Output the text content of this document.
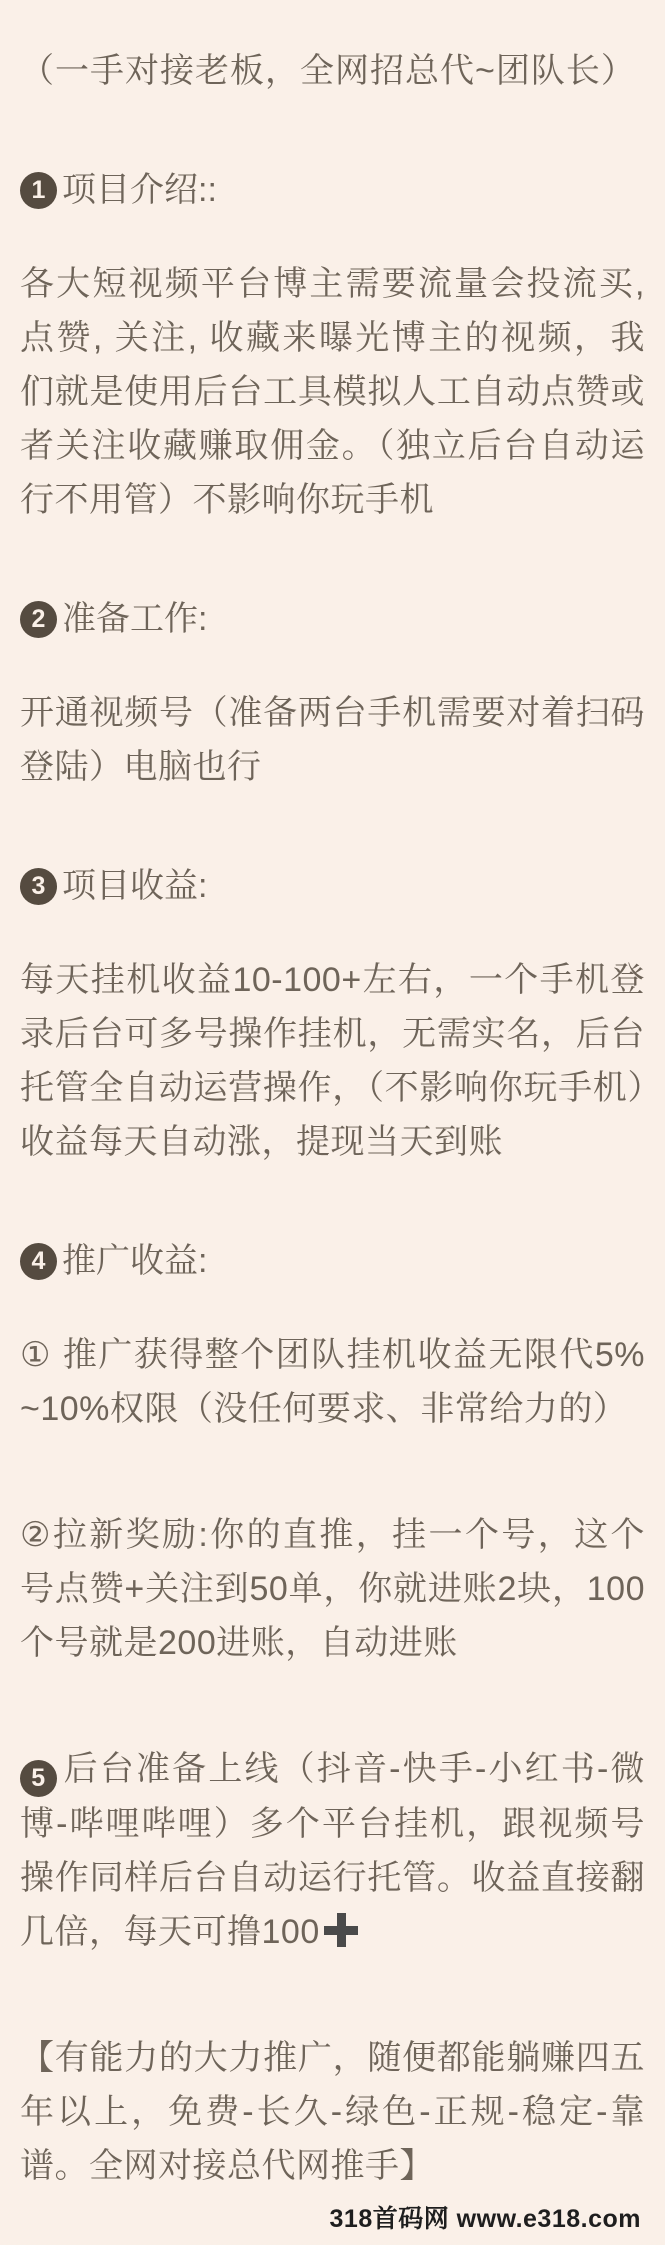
（一手对接老板，全网招总代~团队长）

1 项目介绍::

各大短视频平台博主需要流量会投流买,点赞, 关注, 收藏来曝光博主的视频，我们就是使用后台工具模拟人工自动点赞或者关注收藏赚取佣金。（独立后台自动运行不用管）不影响你玩手机

2 准备工作:

开通视频号（准备两台手机需要对着扫码登陆）电脑也行

3 项目收益:

每天挂机收益10-100+左右，一个手机登录后台可多号操作挂机，无需实名，后台托管全自动运营操作，（不影响你玩手机）收益每天自动涨，提现当天到账

4 推广收益:

① 推广获得整个团队挂机收益无限代5%~10%权限（没任何要求、非常给力的）

②拉新奖励:你的直推，挂一个号，这个号点赞+关注到50单，你就进账2块，100个号就是200进账，自动进账

5 后台准备上线（抖音-快手-小红书-微博-哔哩哔哩）多个平台挂机，跟视频号操作同样后台自动运行托管。收益直接翻几倍，每天可撸100

【有能力的大力推广，随便都能躺赚四五年以上，免费-长久-绿色-正规-稳定-靠谱。全网对接总代网推手】

318首码网 www.e318.com
